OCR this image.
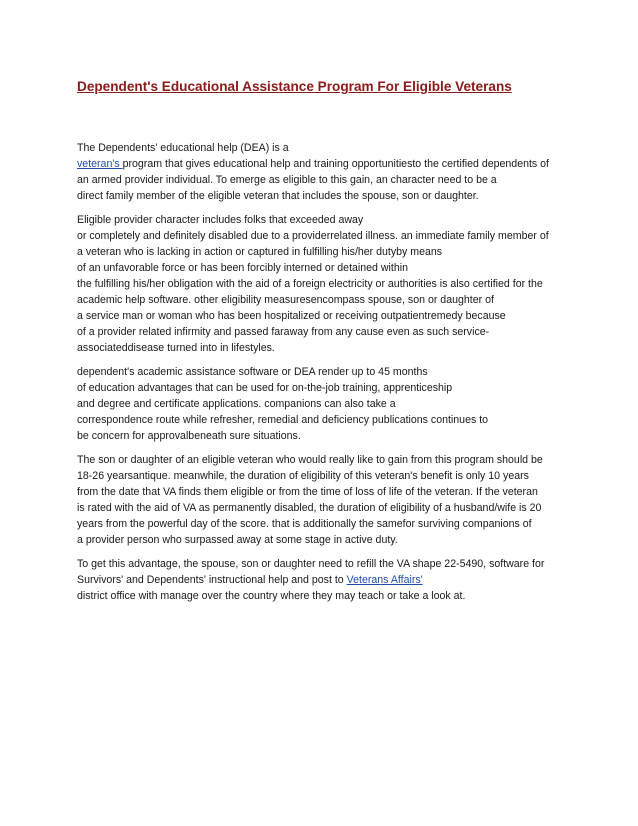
Dependent's Educational Assistance Program For Eligible Veterans

The Dependents' educational help (DEA) is a
veteran's program that gives educational help and training opportunitiesto the certified dependents of
an armed provider individual. To emerge as eligible to this gain, an character need to be a
direct family member of the eligible veteran that includes the spouse, son or daughter.

Eligible provider character includes folks that exceeded away
or completely and definitely disabled due to a providerrelated illness. an immediate family member of
a veteran who is lacking in action or captured in fulfilling his/her dutyby means
of an unfavorable force or has been forcibly interned or detained within
the fulfilling his/her obligation with the aid of a foreign electricity or authorities is also certified for the
academic help software. other eligibility measuresencompass spouse, son or daughter of
a service man or woman who has been hospitalized or receiving outpatientremedy because
of a provider related infirmity and passed faraway from any cause even as such service-
associateddisease turned into in lifestyles.

dependent's academic assistance software or DEA render up to 45 months
of education advantages that can be used for on-the-job training, apprenticeship
and degree and certificate applications. companions can also take a
correspondence route while refresher, remedial and deficiency publications continues to
be concern for approvalbeneath sure situations.

The son or daughter of an eligible veteran who would really like to gain from this program should be
18-26 yearsantique. meanwhile, the duration of eligibility of this veteran's benefit is only 10 years
from the date that VA finds them eligible or from the time of loss of life of the veteran. If the veteran
is rated with the aid of VA as permanently disabled, the duration of eligibility of a husband/wife is 20
years from the powerful day of the score. that is additionally the samefor surviving companions of
a provider person who surpassed away at some stage in active duty.

To get this advantage, the spouse, son or daughter need to refill the VA shape 22-5490, software for
Survivors' and Dependents' instructional help and post to Veterans Affairs'
district office with manage over the country where they may teach or take a look at.
